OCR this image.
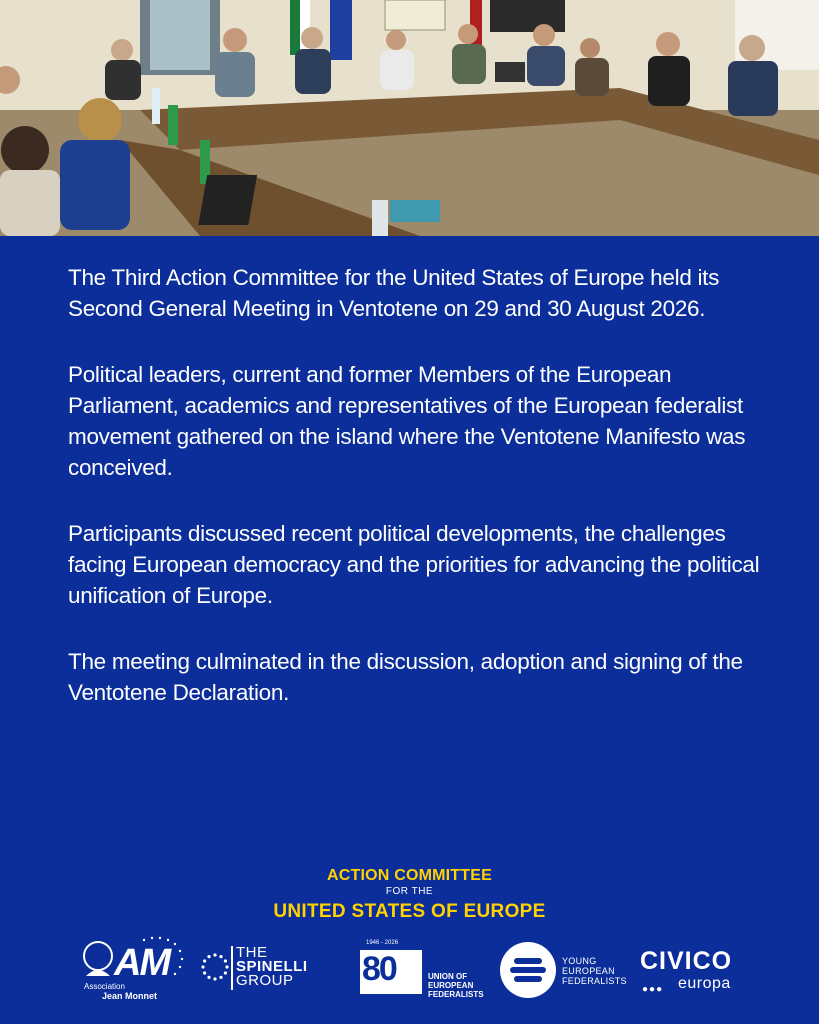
The Third Action Committee for the United States of Europe held its Second General Meeting in Ventotene on 29 and 30 August 2026.

Political leaders, current and former Members of the European Parliament, academics and representatives of the European federalist movement gathered on the island where the Ventotene Manifesto was conceived.

Participants discussed recent political developments, the challenges facing European democracy and the priorities for advancing the political unification of Europe.

The meeting culminated in the discussion, adoption and signing of the Ventotene Declaration.

ACTION COMMITTEE
FOR THE
UNITED STATES OF EUROPE
AM
Association
Jean Monnet
THE
SPINELLI
GROUP
1946 - 2026
80	UNION OF
EUROPEAN
FEDERALISTS
YOUNG
EUROPEAN
FEDERALISTS
CIVICO
●●● europa
